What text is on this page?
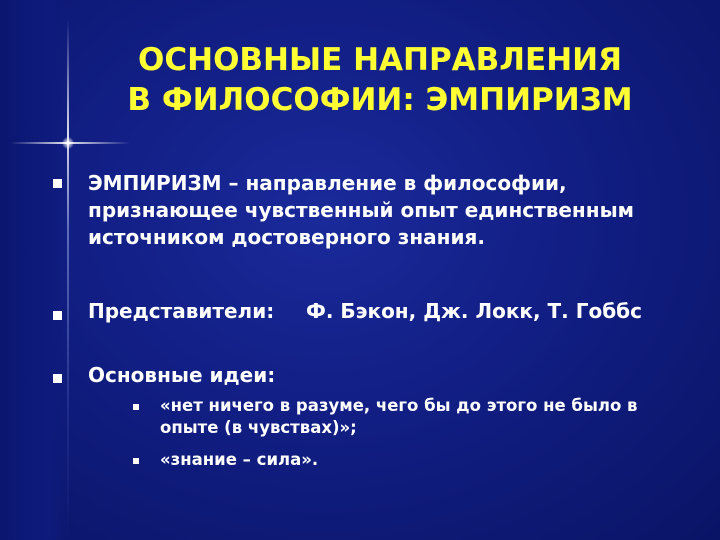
ОСНОВНЫЕ НАПРАВЛЕНИЯ
В ФИЛОСОФИИ: ЭМПИРИЗМ
ЭМПИРИЗМ – направление в философии,
признающее чувственный опыт единственным
источником достоверного знания.
Представители: Ф. Бэкон, Дж. Локк, Т. Гоббс
Основные идеи:
«нет ничего в разуме, чего бы до этого не было в
опыте (в чувствах)»;
«знание – сила».
